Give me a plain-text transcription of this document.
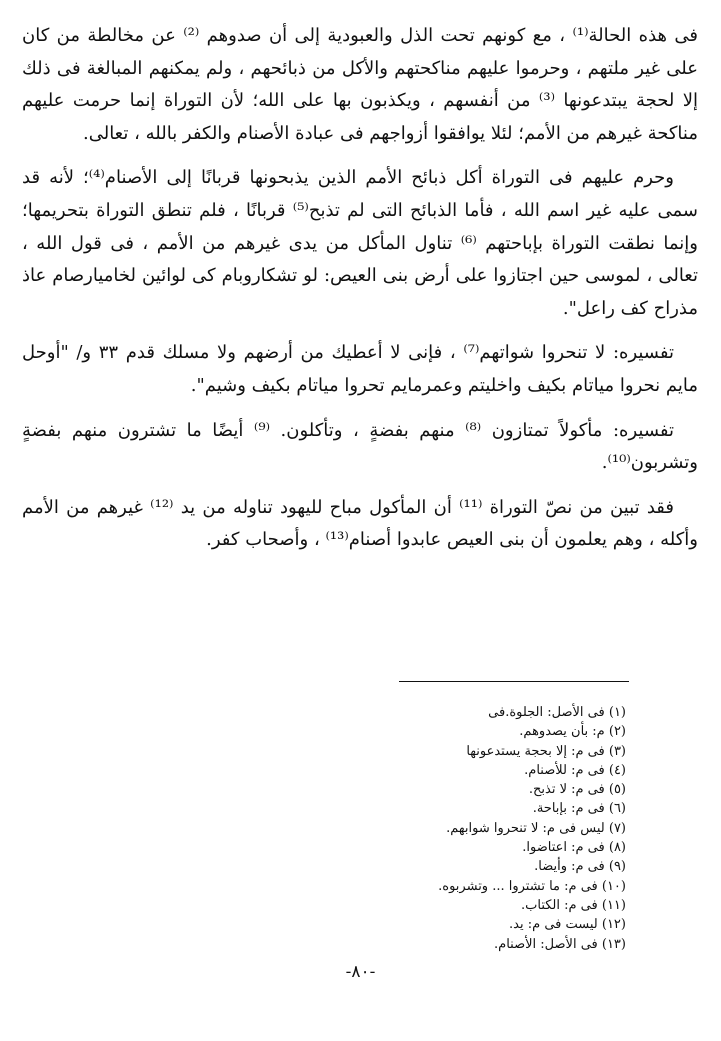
فى هذه الحالة⁽¹⁾ ، مع كونهم تحت الذل والعبودية إلى أن صدوهم ⁽²⁾ عن مخالطة من كان على غير ملتهم ، وحرموا عليهم مناكحتهم والأكل من ذبائحهم ، ولم يمكنهم المبالغة فى ذلك إلا لحجة يبتدعونها ⁽³⁾ من أنفسهم ، ويكذبون بها على الله؛ لأن التوراة إنما حرمت عليهم مناكحة غيرهم من الأمم؛ لئلا يوافقوا أزواجهم فى عبادة الأصنام والكفر بالله ، تعالى.

وحرم عليهم فى التوراة أكل ذبائح الأمم الذين يذبحونها قربانًا إلى الأصنام⁽⁴⁾؛ لأنه قد سمى عليه غير اسم الله ، فأما الذبائح التى لم تذبح⁽⁵⁾ قربانًا ، فلم تنطق التوراة بتحريمها؛ وإنما نطقت التوراة بإباحتهم ⁽⁶⁾ تناول المأكل من يدى غيرهم من الأمم ، فى قول الله ، تعالى ، لموسى حين اجتازوا على أرض بنى العيص: لو تشكاروبام كى لوائين لخاميارصام عاذ مذراح كف راعل".

تفسيره: لا تنحروا شواتهم⁽⁷⁾ ، فإنى لا أعطيك من أرضهم ولا مسلك قدم ٣٣ و/ "أوحل مايم نحروا مياتام بكيف واخليتم وعمرمايم تحروا مياتام بكيف وشيم".

تفسيره: مأكولاً تمتازون ⁽⁸⁾ منهم بفضةٍ ، وتأكلون. ⁽⁹⁾ أيضًا ما تشترون منهم بفضةٍ وتشربون⁽¹⁰⁾.

فقد تبين من نصّ التوراة ⁽¹¹⁾ أن المأكول مباح لليهود تناوله من يد ⁽¹²⁾ غيرهم من الأمم وأكله ، وهم يعلمون أن بنى العيص عابدوا أصنام⁽¹³⁾ ، وأصحاب كفر.

(١) فى الأصل: الجلوة.فى
(٢) م: بأن يصدوهم.
(٣) فى م: إلا بحجة يستدعونها
(٤) فى م: للأصنام.
(٥) فى م: لا تذبح.
(٦) فى م: بإباحة.
(٧) ليس فى م: لا تنحروا شوابهم.
(٨) فى م: اعتاضوا.
(٩) فى م: وأيضا.
(١٠) فى م: ما تشتروا ... وتشربوه.
(١١) فى م: الكتاب.
(١٢) ليست فى م: يد.
(١٣) فى الأصل: الأصنام.
-٨٠-
